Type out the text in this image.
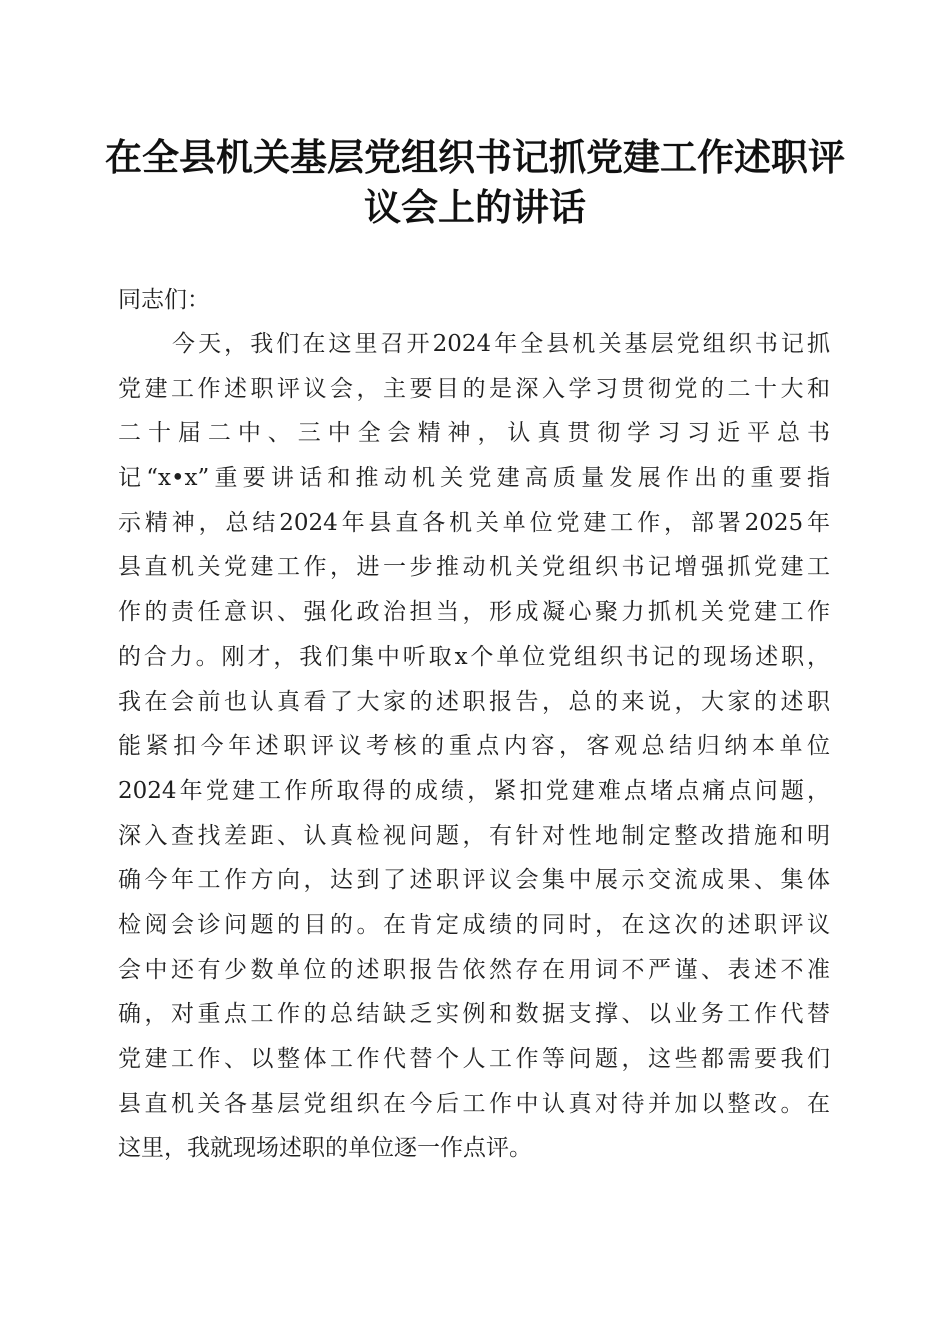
在全县机关基层党组织书记抓党建工作述职评
议会上的讲话

同志们：

今天，我们在这里召开2024年全县机关基层党组织书记抓
党建工作述职评议会，主要目的是深入学习贯彻党的二十大和
二十届二中、三中全会精神，认真贯彻学习习近平总书
记“x•x”重要讲话和推动机关党建高质量发展作出的重要指
示精神，总结2024年县直各机关单位党建工作，部署2025年
县直机关党建工作，进一步推动机关党组织书记增强抓党建工
作的责任意识、强化政治担当，形成凝心聚力抓机关党建工作
的合力。刚才，我们集中听取x个单位党组织书记的现场述职，
我在会前也认真看了大家的述职报告，总的来说，大家的述职
能紧扣今年述职评议考核的重点内容，客观总结归纳本单位
2024年党建工作所取得的成绩，紧扣党建难点堵点痛点问题，
深入查找差距、认真检视问题，有针对性地制定整改措施和明
确今年工作方向，达到了述职评议会集中展示交流成果、集体
检阅会诊问题的目的。在肯定成绩的同时，在这次的述职评议
会中还有少数单位的述职报告依然存在用词不严谨、表述不准
确，对重点工作的总结缺乏实例和数据支撑、以业务工作代替
党建工作、以整体工作代替个人工作等问题，这些都需要我们
县直机关各基层党组织在今后工作中认真对待并加以整改。在
这里，我就现场述职的单位逐一作点评。
